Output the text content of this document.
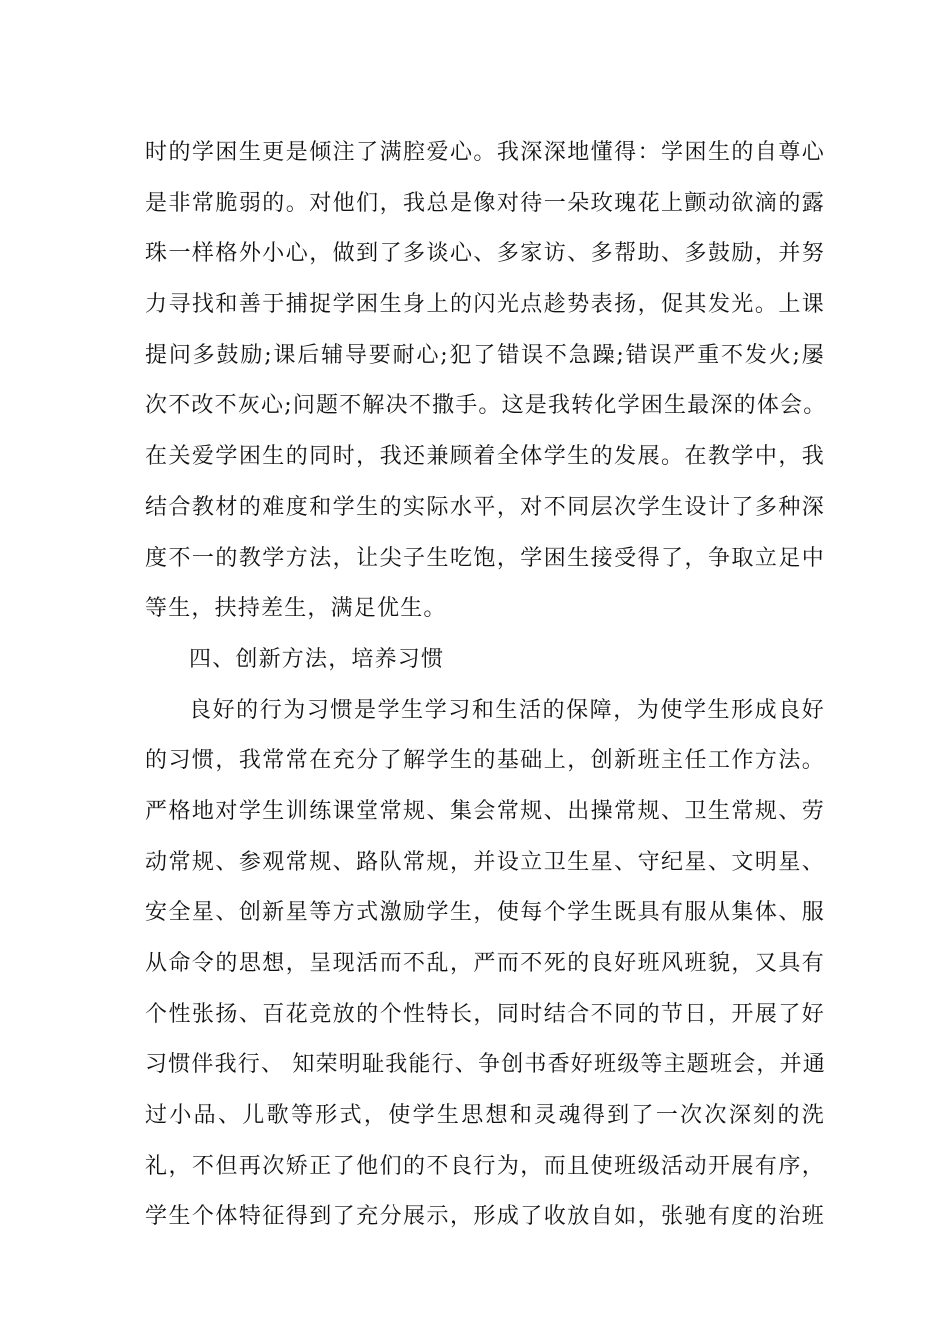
时的学困生更是倾注了满腔爱心。我深深地懂得：学困生的自尊心
是非常脆弱的。对他们，我总是像对待一朵玫瑰花上颤动欲滴的露
珠一样格外小心，做到了多谈心、多家访、多帮助、多鼓励，并努
力寻找和善于捕捉学困生身上的闪光点趁势表扬，促其发光。上课
提问多鼓励;课后辅导要耐心;犯了错误不急躁;错误严重不发火;屡
次不改不灰心;问题不解决不撒手。这是我转化学困生最深的体会。
在关爱学困生的同时，我还兼顾着全体学生的发展。在教学中，我
结合教材的难度和学生的实际水平，对不同层次学生设计了多种深
度不一的教学方法，让尖子生吃饱，学困生接受得了，争取立足中
等生，扶持差生，满足优生。
四、创新方法，培养习惯
良好的行为习惯是学生学习和生活的保障，为使学生形成良好
的习惯，我常常在充分了解学生的基础上，创新班主任工作方法。
严格地对学生训练课堂常规、集会常规、出操常规、卫生常规、劳
动常规、参观常规、路队常规，并设立卫生星、守纪星、文明星、
安全星、创新星等方式激励学生，使每个学生既具有服从集体、服
从命令的思想，呈现活而不乱，严而不死的良好班风班貌，又具有
个性张扬、百花竞放的个性特长，同时结合不同的节日，开展了好
习惯伴我行、 知荣明耻我能行、争创书香好班级等主题班会，并通
过小品、儿歌等形式，使学生思想和灵魂得到了一次次深刻的洗
礼，不但再次矫正了他们的不良行为，而且使班级活动开展有序，
学生个体特征得到了充分展示，形成了收放自如，张驰有度的治班
